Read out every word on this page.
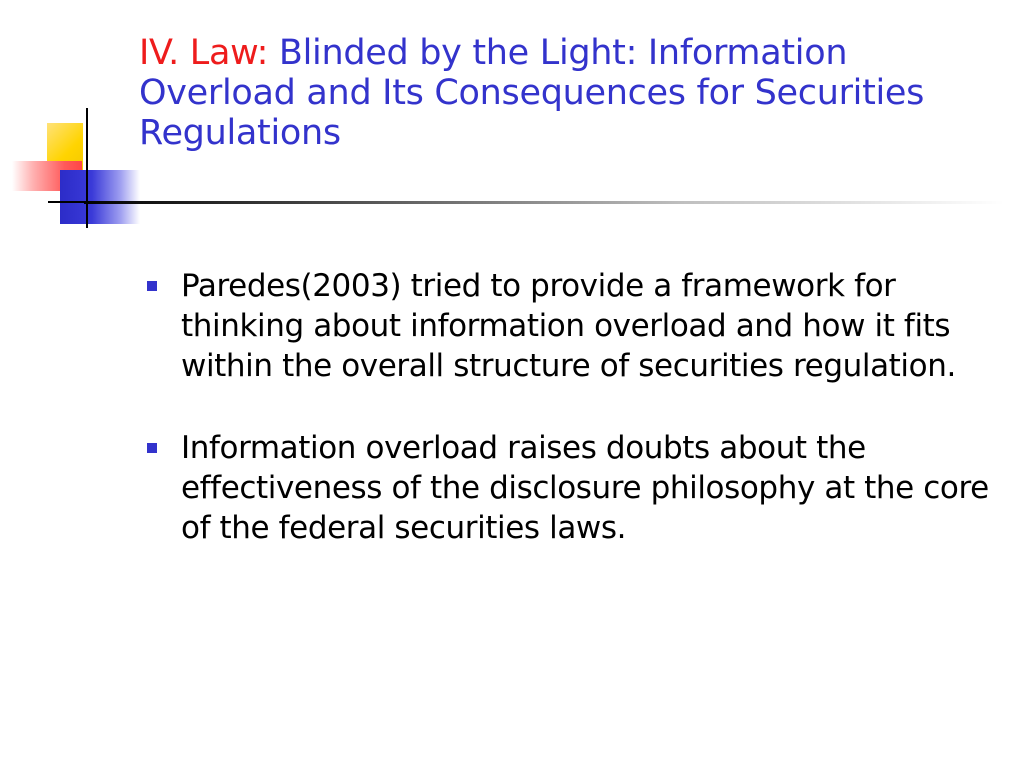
IV. Law: Blinded by the Light: Information Overload and Its Consequences for Securities Regulations
Paredes(2003) tried to provide a framework for thinking about information overload and how it fits within the overall structure of securities regulation.
Information overload raises doubts about the effectiveness of the disclosure philosophy at the core of the federal securities laws.
